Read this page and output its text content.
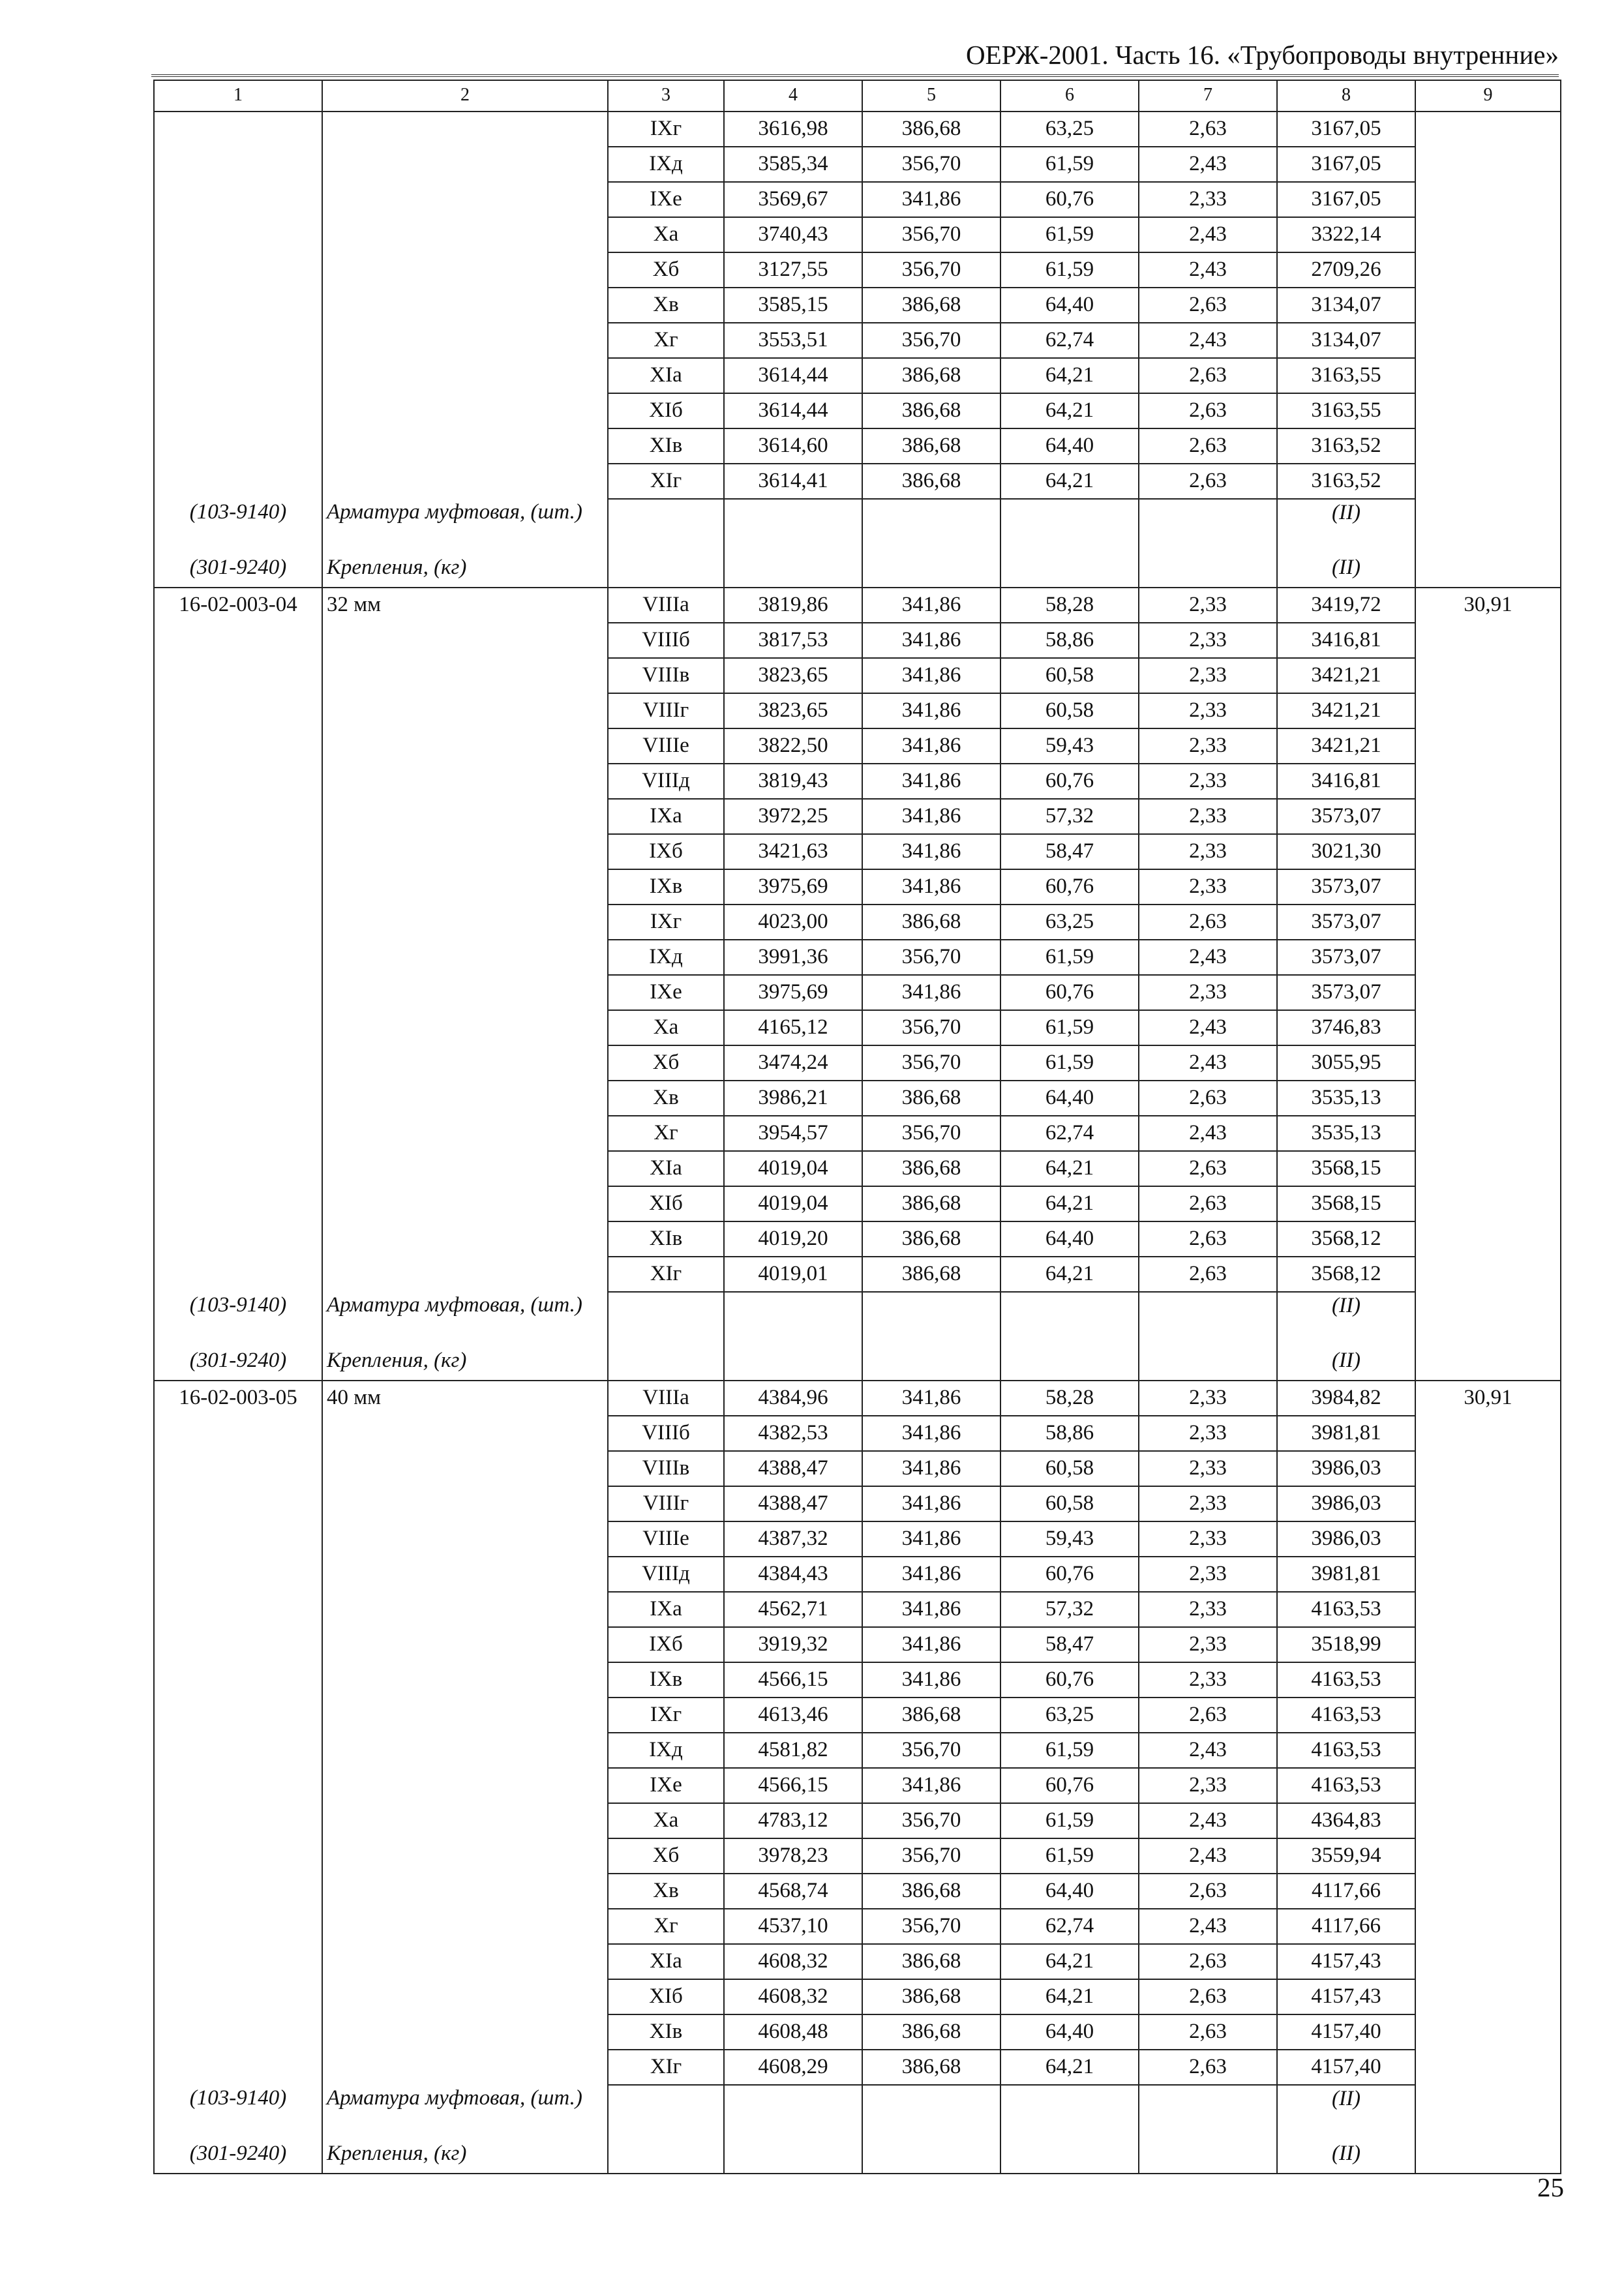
ОЕРЖ-2001. Часть 16. «Трубопроводы внутренние»
1	2	3	4	5	6	7	8	9
		IXг	3616,98	386,68	63,25	2,63	3167,05	
		IXд	3585,34	356,70	61,59	2,43	3167,05	
		IXе	3569,67	341,86	60,76	2,33	3167,05	
		Xа	3740,43	356,70	61,59	2,43	3322,14	
		Xб	3127,55	356,70	61,59	2,43	2709,26	
		Xв	3585,15	386,68	64,40	2,63	3134,07	
		Xг	3553,51	356,70	62,74	2,43	3134,07	
		XIа	3614,44	386,68	64,21	2,63	3163,55	
		XIб	3614,44	386,68	64,21	2,63	3163,55	
		XIв	3614,60	386,68	64,40	2,63	3163,52	
		XIг	3614,41	386,68	64,21	2,63	3163,52	
(103-9140)	Арматура муфтовая, (шт.)						(II)	
(301-9240)	Крепления, (кг)						(II)	
16-02-003-04	32 мм	VIIIа	3819,86	341,86	58,28	2,33	3419,72	30,91
		VIIIб	3817,53	341,86	58,86	2,33	3416,81	
		VIIIв	3823,65	341,86	60,58	2,33	3421,21	
		VIIIг	3823,65	341,86	60,58	2,33	3421,21	
		VIIIе	3822,50	341,86	59,43	2,33	3421,21	
		VIIIд	3819,43	341,86	60,76	2,33	3416,81	
		IXа	3972,25	341,86	57,32	2,33	3573,07	
		IXб	3421,63	341,86	58,47	2,33	3021,30	
		IXв	3975,69	341,86	60,76	2,33	3573,07	
		IXг	4023,00	386,68	63,25	2,63	3573,07	
		IXд	3991,36	356,70	61,59	2,43	3573,07	
		IXе	3975,69	341,86	60,76	2,33	3573,07	
		Xа	4165,12	356,70	61,59	2,43	3746,83	
		Xб	3474,24	356,70	61,59	2,43	3055,95	
		Xв	3986,21	386,68	64,40	2,63	3535,13	
		Xг	3954,57	356,70	62,74	2,43	3535,13	
		XIа	4019,04	386,68	64,21	2,63	3568,15	
		XIб	4019,04	386,68	64,21	2,63	3568,15	
		XIв	4019,20	386,68	64,40	2,63	3568,12	
		XIг	4019,01	386,68	64,21	2,63	3568,12	
(103-9140)	Арматура муфтовая, (шт.)						(II)	
(301-9240)	Крепления, (кг)						(II)	
16-02-003-05	40 мм	VIIIа	4384,96	341,86	58,28	2,33	3984,82	30,91
		VIIIб	4382,53	341,86	58,86	2,33	3981,81	
		VIIIв	4388,47	341,86	60,58	2,33	3986,03	
		VIIIг	4388,47	341,86	60,58	2,33	3986,03	
		VIIIе	4387,32	341,86	59,43	2,33	3986,03	
		VIIIд	4384,43	341,86	60,76	2,33	3981,81	
		IXа	4562,71	341,86	57,32	2,33	4163,53	
		IXб	3919,32	341,86	58,47	2,33	3518,99	
		IXв	4566,15	341,86	60,76	2,33	4163,53	
		IXг	4613,46	386,68	63,25	2,63	4163,53	
		IXд	4581,82	356,70	61,59	2,43	4163,53	
		IXе	4566,15	341,86	60,76	2,33	4163,53	
		Xа	4783,12	356,70	61,59	2,43	4364,83	
		Xб	3978,23	356,70	61,59	2,43	3559,94	
		Xв	4568,74	386,68	64,40	2,63	4117,66	
		Xг	4537,10	356,70	62,74	2,43	4117,66	
		XIа	4608,32	386,68	64,21	2,63	4157,43	
		XIб	4608,32	386,68	64,21	2,63	4157,43	
		XIв	4608,48	386,68	64,40	2,63	4157,40	
		XIг	4608,29	386,68	64,21	2,63	4157,40	
(103-9140)	Арматура муфтовая, (шт.)						(II)	
(301-9240)	Крепления, (кг)						(II)	
25
